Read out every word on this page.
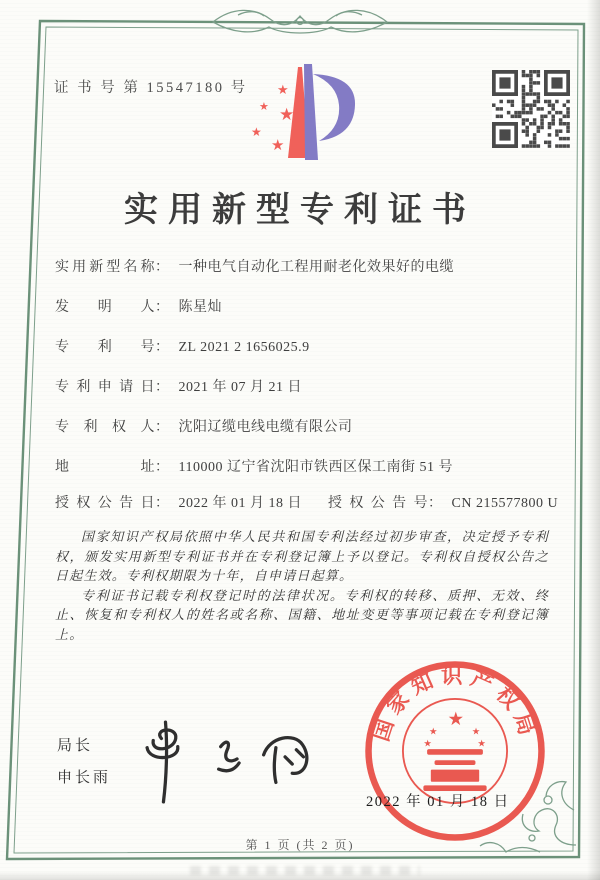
证 书 号 第 15547180 号 ★
★ ★
★
★
实用新型专利证书
实用新型名称： 一种电气自动化工程用耐老化效果好的电缆
发明人： 陈星灿
专利号： ZL 2021 2 1656025.9
专利申请日： 2021 年 07 月 21 日
专利权人： 沈阳辽缆电线电缆有限公司
地址： 110000 辽宁省沈阳市铁西区保工南街 51 号
授权公告日： 2022 年 01 月 18 日 授权公告号： CN 215577800 U

国家知识产权局依照中华人民共和国专利法经过初步审查，决定授予专利权，颁发实用新型专利证书并在专利登记簿上予以登记。专利权自授权公告之日起生效。专利权期限为十年，自申请日起算。

专利证书记载专利权登记时的法律状况。专利权的转移、质押、无效、终止、恢复和专利权人的姓名或名称、国籍、地址变更等事项记载在专利登记簿上。

局长
申长雨
国家知识产权局
★
★	★
★	★
2022 年 01 月 18 日
第 1 页 (共 2 页)
